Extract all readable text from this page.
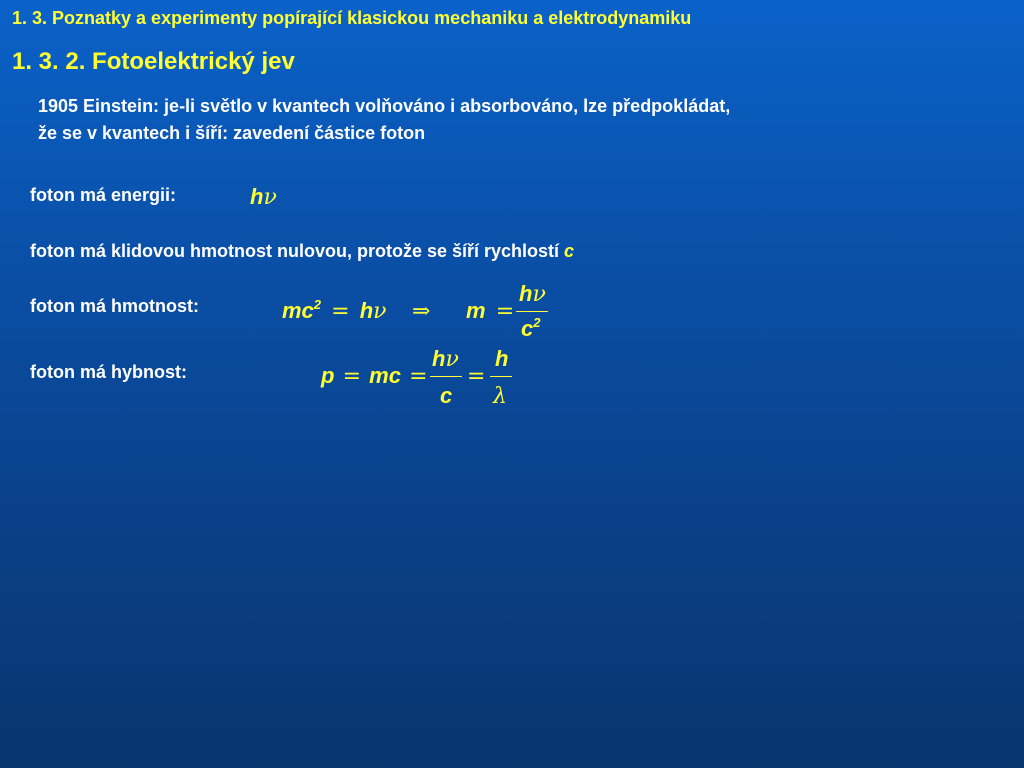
1. 3. Poznatky a experimenty popírající klasickou mechaniku a elektrodynamiku
1. 3. 2. Fotoelektrický jev
1905 Einstein: je-li světlo v kvantech volňováno i absorbováno, lze předpokládat,
že se v kvantech i šíří: zavedení částice foton
foton má energii:	hν
foton má klidovou hmotnost nulovou, protože se šíří rychlostí c
foton má hmotnost:	$mc^2 = h\nu$ ⇒ m =
hν
$c^2$
foton má hybnost:	p = mc =
hν
c
=
h
λ
